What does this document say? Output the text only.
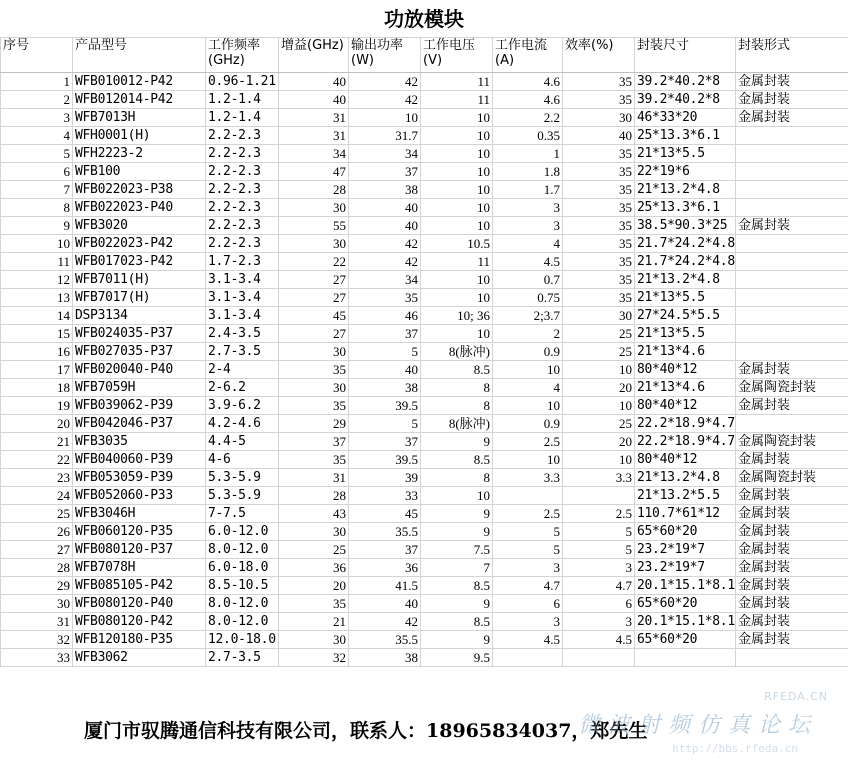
功放模块
序号	产品型号	工作频率(GHz)	增益(GHz)	输出功率(W)	工作电压(V)	工作电流(A)	效率(%)	封装尺寸	封装形式
1	WFB010012-P42	0.96-1.21	40	42	11	4.6	35	39.2*40.2*8	金属封装
2	WFB012014-P42	1.2-1.4	40	42	11	4.6	35	39.2*40.2*8	金属封装
3	WFB7013H	1.2-1.4	31	10	10	2.2	30	46*33*20	金属封装
4	WFH0001(H)	2.2-2.3	31	31.7	10	0.35	40	25*13.3*6.1	
5	WFH2223-2	2.2-2.3	34	34	10	1	35	21*13*5.5	
6	WFB100	2.2-2.3	47	37	10	1.8	35	22*19*6	
7	WFB022023-P38	2.2-2.3	28	38	10	1.7	35	21*13.2*4.8	
8	WFB022023-P40	2.2-2.3	30	40	10	3	35	25*13.3*6.1	
9	WFB3020	2.2-2.3	55	40	10	3	35	38.5*90.3*25	金属封装
10	WFB022023-P42	2.2-2.3	30	42	10.5	4	35	21.7*24.2*4.8	
11	WFB017023-P42	1.7-2.3	22	42	11	4.5	35	21.7*24.2*4.8	
12	WFB7011(H)	3.1-3.4	27	34	10	0.7	35	21*13.2*4.8	
13	WFB7017(H)	3.1-3.4	27	35	10	0.75	35	21*13*5.5	
14	DSP3134	3.1-3.4	45	46	10; 36	2;3.7	30	27*24.5*5.5	
15	WFB024035-P37	2.4-3.5	27	37	10	2	25	21*13*5.5	
16	WFB027035-P37	2.7-3.5	30	5	8(脉冲)	0.9	25	21*13*4.6	
17	WFB020040-P40	2-4	35	40	8.5	10	10	80*40*12	金属封装
18	WFB7059H	2-6.2	30	38	8	4	20	21*13*4.6	金属陶瓷封装
19	WFB039062-P39	3.9-6.2	35	39.5	8	10	10	80*40*12	金属封装
20	WFB042046-P37	4.2-4.6	29	5	8(脉冲)	0.9	25	22.2*18.9*4.7	
21	WFB3035	4.4-5	37	37	9	2.5	20	22.2*18.9*4.7	金属陶瓷封装
22	WFB040060-P39	4-6	35	39.5	8.5	10	10	80*40*12	金属封装
23	WFB053059-P39	5.3-5.9	31	39	8	3.3	3.3	21*13.2*4.8	金属陶瓷封装
24	WFB052060-P33	5.3-5.9	28	33	10			21*13.2*5.5	金属封装
25	WFB3046H	7-7.5	43	45	9	2.5	2.5	110.7*61*12	金属封装
26	WFB060120-P35	6.0-12.0	30	35.5	9	5	5	65*60*20	金属封装
27	WFB080120-P37	8.0-12.0	25	37	7.5	5	5	23.2*19*7	金属封装
28	WFB7078H	6.0-18.0	36	36	7	3	3	23.2*19*7	金属封装
29	WFB085105-P42	8.5-10.5	20	41.5	8.5	4.7	4.7	20.1*15.1*8.1	金属封装
30	WFB080120-P40	8.0-12.0	35	40	9	6	6	65*60*20	金属封装
31	WFB080120-P42	8.0-12.0	21	42	8.5	3	3	20.1*15.1*8.1	金属封装
32	WFB120180-P35	12.0-18.0	30	35.5	9	4.5	4.5	65*60*20	金属封装
33	WFB3062	2.7-3.5	32	38	9.5				
厦门市驭腾通信科技有限公司，联系人：18965834037，郑先生
RFEDA.CN
微波射频仿真论坛
http://bbs.rfeda.cn
